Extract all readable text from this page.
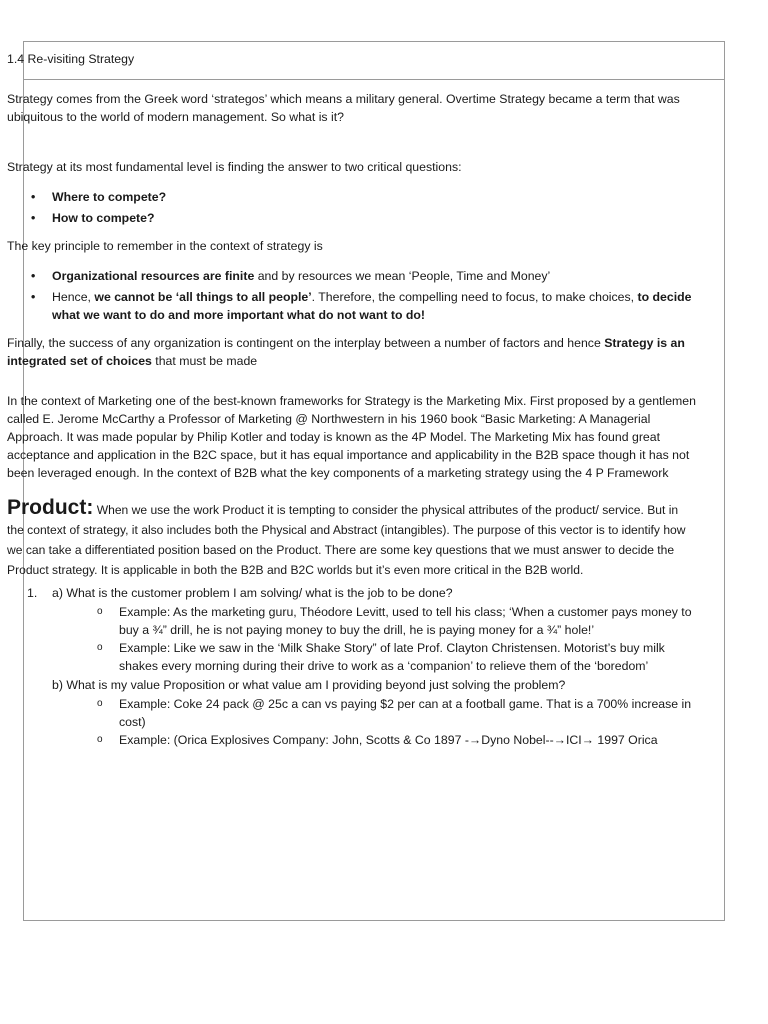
1.4 Re-visiting Strategy

Strategy comes from the Greek word ‘strategos’ which means a military general. Overtime Strategy became a term that was ubiquitous to the world of modern management. So what is it?

Strategy at its most fundamental level is finding the answer to two critical questions:

• Where to compete?
• How to compete?

The key principle to remember in the context of strategy is

• Organizational resources are finite and by resources we mean ‘People, Time and Money’
• Hence, we cannot be ‘all things to all people’. Therefore, the compelling need to focus, to make choices, to decide what we want to do and more important what do not want to do!

Finally, the success of any organization is contingent on the interplay between a number of factors and hence Strategy is an integrated set of choices that must be made

In the context of Marketing one of the best-known frameworks for Strategy is the Marketing Mix. First proposed by a gentlemen called E. Jerome McCarthy a Professor of Marketing @ Northwestern in his 1960 book “Basic Marketing: A Managerial Approach. It was made popular by Philip Kotler and today is known as the 4P Model. The Marketing Mix has found great acceptance and application in the B2C space, but it has equal importance and applicability in the B2B space though it has not been leveraged enough. In the context of B2B what the key components of a marketing strategy using the 4 P Framework

Product: When we use the work Product it is tempting to consider the physical attributes of the product/ service. But in the context of strategy, it also includes both the Physical and Abstract (intangibles). The purpose of this vector is to identify how we can take a differentiated position based on the Product. There are some key questions that we must answer to decide the Product strategy. It is applicable in both the B2B and B2C worlds but it’s even more critical in the B2B world.

1. a) What is the customer problem I am solving/ what is the job to be done?
o Example: As the marketing guru, Théodore Levitt, used to tell his class; ‘When a customer pays money to buy a ¾” drill, he is not paying money to buy the drill, he is paying money for a ¾” hole!’
o Example: Like we saw in the ‘Milk Shake Story” of late Prof. Clayton Christensen. Motorist’s buy milk shakes every morning during their drive to work as a ‘companion’ to relieve them of the ‘boredom’
b) What is my value Proposition or what value am I providing beyond just solving the problem?
o Example: Coke 24 pack @ 25c a can vs paying $2 per can at a football game. That is a 700% increase in cost)
o Example: (Orica Explosives Company: John, Scotts & Co 1897 -→Dyno Nobel--→ICI→ 1997 Orica
